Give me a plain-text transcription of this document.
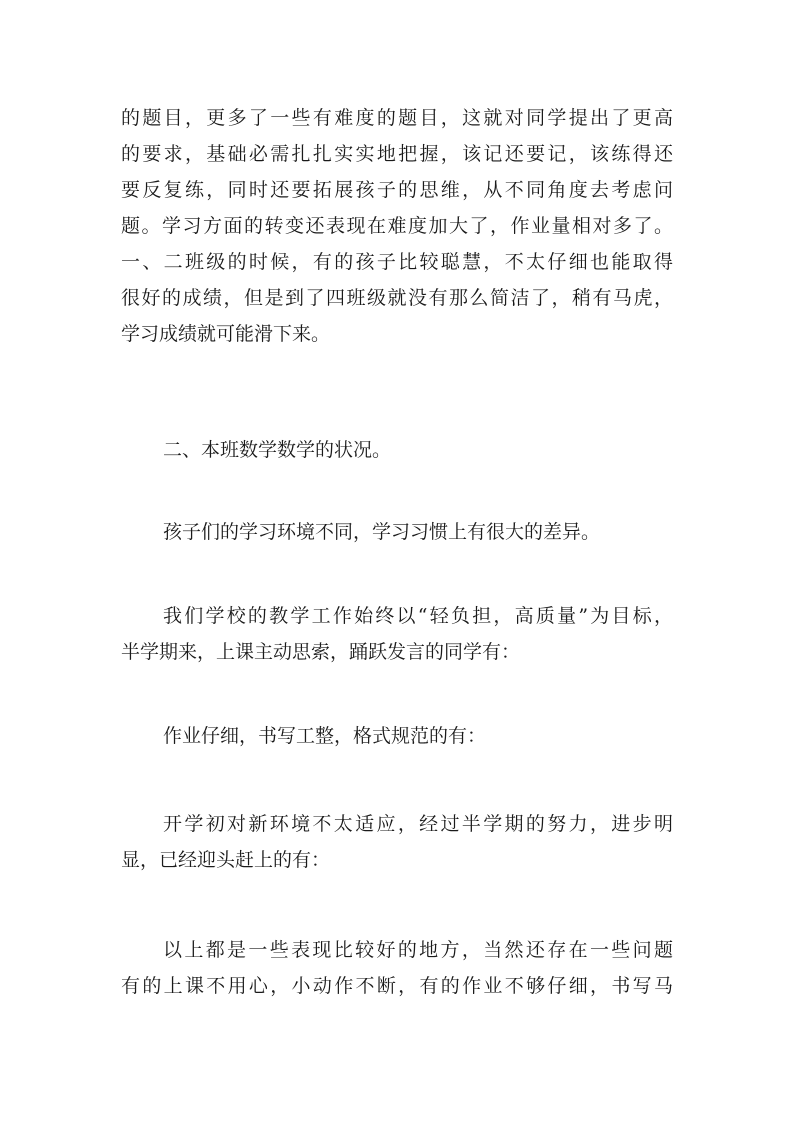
的题目，更多了一些有难度的题目，这就对同学提出了更高
的要求，基础必需扎扎实实地把握，该记还要记，该练得还
要反复练，同时还要拓展孩子的思维，从不同角度去考虑问
题。学习方面的转变还表现在难度加大了，作业量相对多了。
一、二班级的时候，有的孩子比较聪慧，不太仔细也能取得
很好的成绩，但是到了四班级就没有那么简洁了，稍有马虎，
学习成绩就可能滑下来。
二、本班数学数学的状况。
孩子们的学习环境不同，学习习惯上有很大的差异。
我们学校的教学工作始终以“轻负担，高质量”为目标，
半学期来，上课主动思索，踊跃发言的同学有：
作业仔细，书写工整，格式规范的有：
开学初对新环境不太适应，经过半学期的努力，进步明
显，已经迎头赶上的有：
以上都是一些表现比较好的地方，当然还存在一些问题
有的上课不用心，小动作不断，有的作业不够仔细，书写马
